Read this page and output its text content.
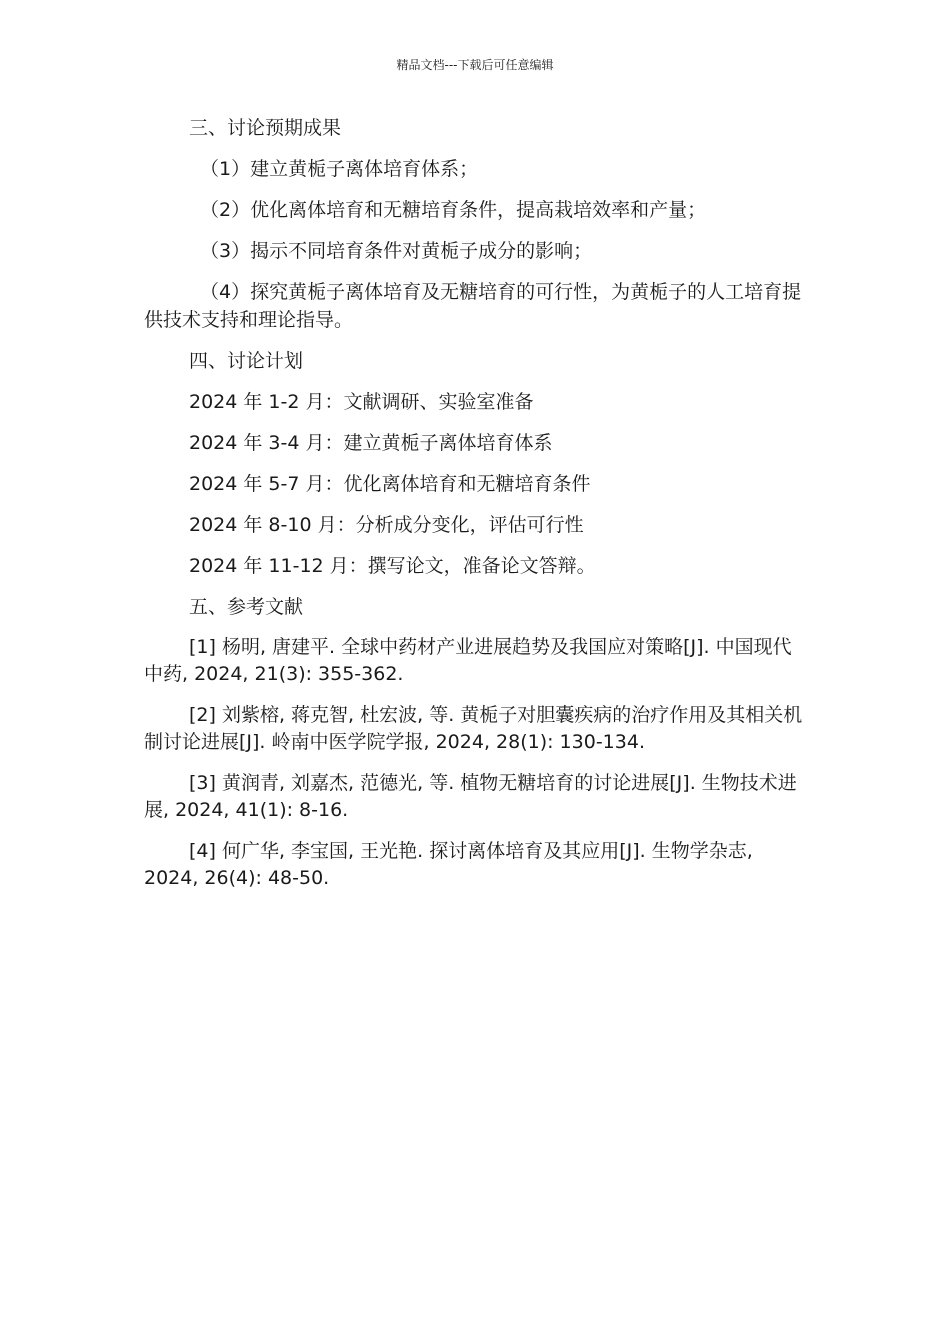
精品文档---下载后可任意编辑

三、讨论预期成果

（1）建立黄栀子离体培育体系；

（2）优化离体培育和无糖培育条件，提高栽培效率和产量；

（3）揭示不同培育条件对黄栀子成分的影响；

（4）探究黄栀子离体培育及无糖培育的可行性，为黄栀子的人工培育提供技术支持和理论指导。

四、讨论计划

2024 年 1-2 月：文献调研、实验室准备

2024 年 3-4 月：建立黄栀子离体培育体系

2024 年 5-7 月：优化离体培育和无糖培育条件

2024 年 8-10 月：分析成分变化，评估可行性

2024 年 11-12 月：撰写论文，准备论文答辩。

五、参考文献

[1] 杨明, 唐建平. 全球中药材产业进展趋势及我国应对策略[J]. 中国现代中药, 2024, 21(3): 355-362.

[2] 刘紫榕, 蒋克智, 杜宏波, 等. 黄栀子对胆囊疾病的治疗作用及其相关机制讨论进展[J]. 岭南中医学院学报, 2024, 28(1): 130-134.

[3] 黄润青, 刘嘉杰, 范德光, 等. 植物无糖培育的讨论进展[J]. 生物技术进展, 2024, 41(1): 8-16.

[4] 何广华, 李宝国, 王光艳. 探讨离体培育及其应用[J]. 生物学杂志, 2024, 26(4): 48-50.
